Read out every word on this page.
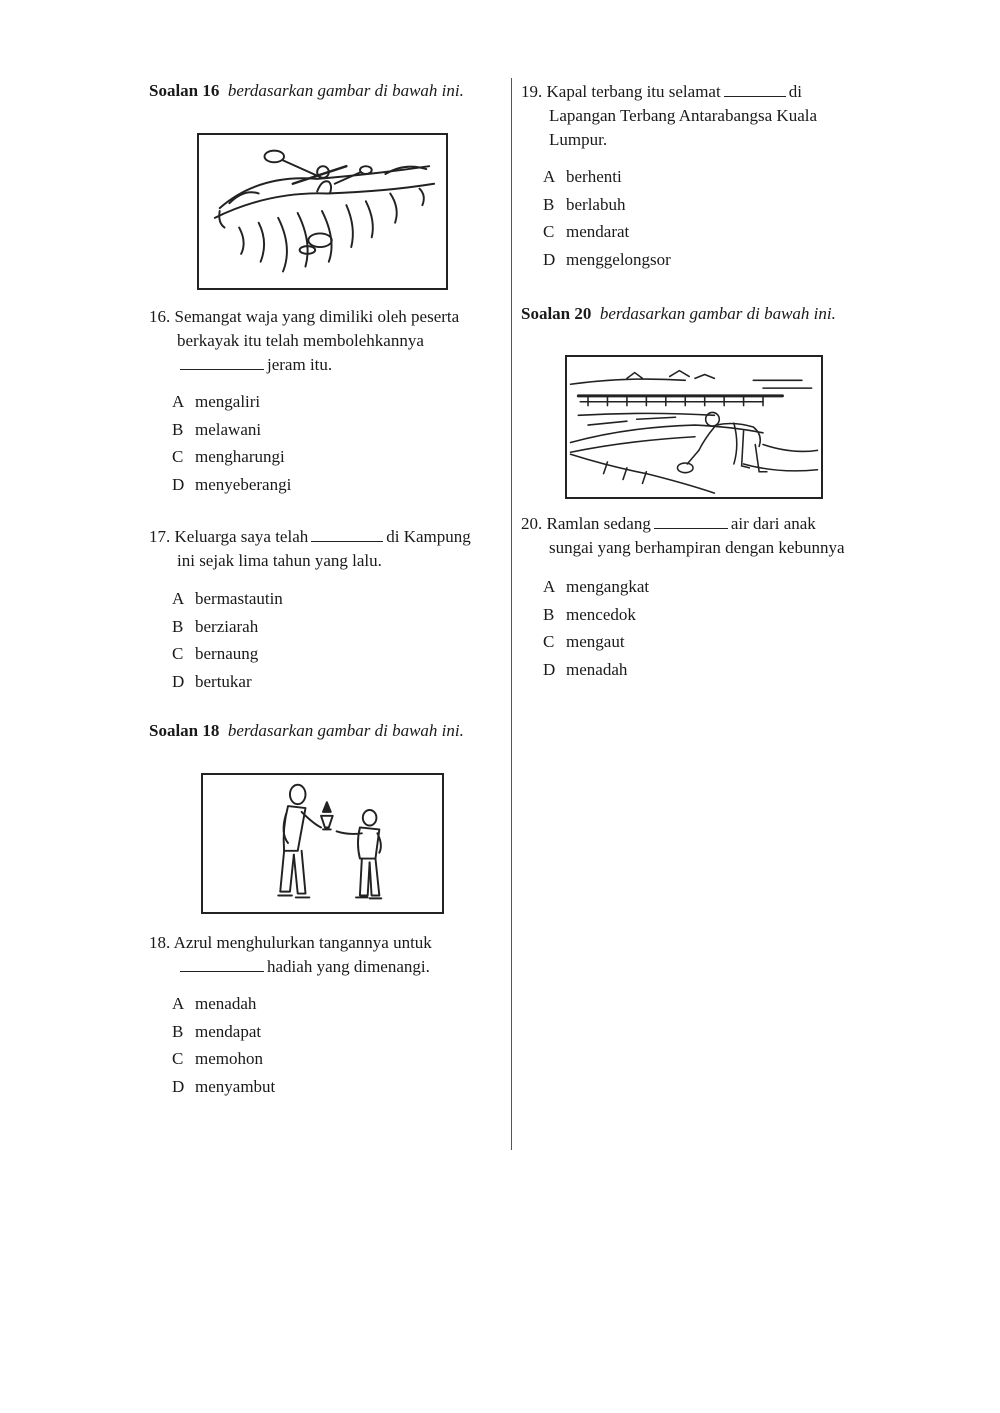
Soalan 16 berdasarkan gambar di bawah ini.
16. Semangat waja yang dimiliki oleh peserta
berkayak itu telah membolehkannya
jeram itu.
A mengaliri
B melawani
C mengharungi
D menyeberangi
17. Keluarga saya telah	di Kampung
ini sejak lima tahun yang lalu.
A bermastautin
B berziarah
C bernaung
D bertukar
Soalan 18 berdasarkan gambar di bawah ini.
18. Azrul menghulurkan tangannya untuk
hadiah yang dimenangi.
A menadah
B mendapat
C memohon
D menyambut
19. Kapal terbang itu selamat	di
Lapangan Terbang Antarabangsa Kuala
Lumpur.
A berhenti
B berlabuh
C mendarat
D menggelongsor
Soalan 20 berdasarkan gambar di bawah ini.
20. Ramlan sedang	air dari anak
sungai yang berhampiran dengan kebunnya
A mengangkat
B mencedok
C mengaut
D menadah
